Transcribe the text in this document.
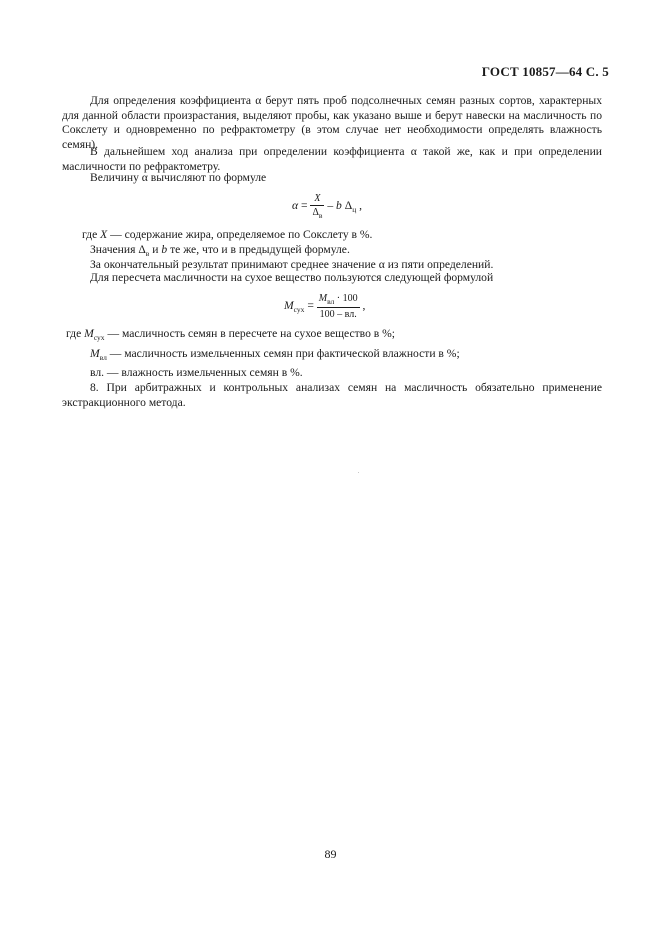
ГОСТ 10857—64 С. 5
Для определения коэффициента α берут пять проб подсолнечных семян разных сортов, характерных для данной области произрастания, выделяют пробы, как указано выше и берут навески на масличность по Сокслету и одновременно по рефрактометру (в этом случае нет необходимости определять влажность семян).
В дальнейшем ход анализа при определении коэффициента α такой же, как и при определении масличности по рефрактометру.
Величину α вычисляют по формуле
$\alpha = \frac{X}{\Delta_в} - b$ $\Delta_ц$ ,
где X — содержание жира, определяемое по Сокслету в %.
Значения $\Delta_в$ и b те же, что и в предыдущей формуле.
За окончательный результат принимают среднее значение α из пяти определений.
Для пересчета масличности на сухое вещество пользуются следующей формулой
$M_{сух} = \frac{M_{вл} \cdot 100}{100 - вл.}$ ,
где $M_{сух}$ — масличность семян в пересчете на сухое вещество в %;
$M_{вл}$ — масличность измельченных семян при фактической влажности в %;
вл. — влажность измельченных семян в %.
8. При арбитражных и контрольных анализах семян на масличность обязательно применение экстракционного метода.
89
